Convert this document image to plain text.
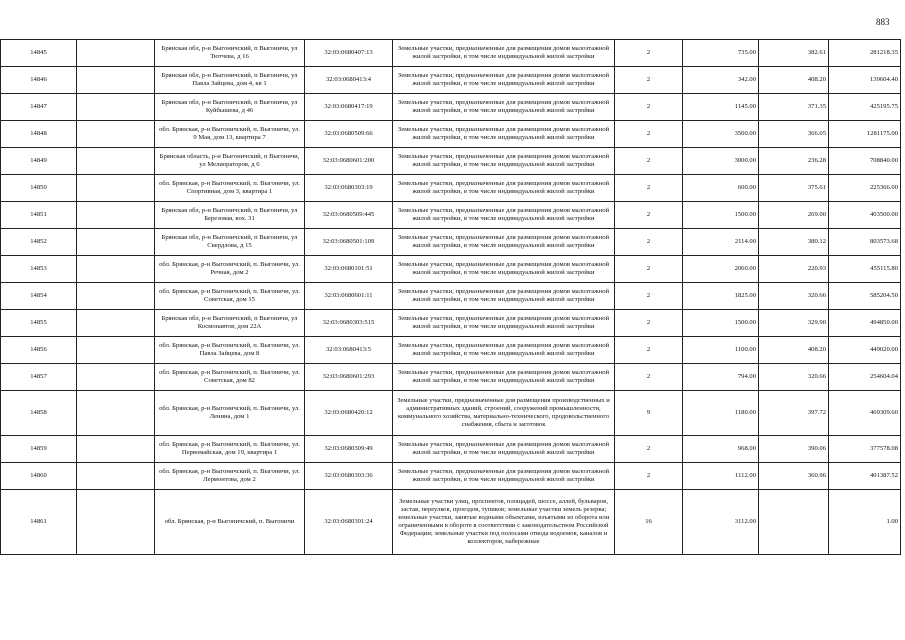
883
14845		Брянская обл, р-н Выгоничский, п Выгоничи, ул Тютчева, д 16	32:03:0680407:13	Земельные участки, предназначенные для размещения домов малоэтажной жилой застройки, в том числе индивидуальной жилой застройки	2	735.00	382.61	281218.35
14846		Брянская обл, р-н Выгоничский, п Выгоничи, ул Павла Зайцева, дом 4, кв 1	32:03:0680413:4	Земельные участки, предназначенные для размещения домов малоэтажной жилой застройки, в том числе индивидуальной жилой застройки	2	342.00	408.20	139604.40
14847		Брянская обл, р-н Выгоничский, п Выгоничи, ул Куйбышева, д 46	32:03:0680417:19	Земельные участки, предназначенные для размещения домов малоэтажной жилой застройки, в том числе индивидуальной жилой застройки	2	1145.00	371.35	425195.75
14848		обл. Брянская, р-н Выгоничский, п. Выгоничи, ул. 9 Мая, дом 13, квартира 7	32:03:0680509:66	Земельные участки, предназначенные для размещения домов малоэтажной жилой застройки, в том числе индивидуальной жилой застройки	2	3500.00	366.05	1281175.00
14849		Брянская область, р-н Выгоничский, п Выгоничи, ул Мелиораторов, д 6	32:03:0680601:200	Земельные участки, предназначенные для размещения домов малоэтажной жилой застройки, в том числе индивидуальной жилой застройки	2	3000.00	236.28	708840.00
14850		обл. Брянская, р-н Выгоничский, п. Выгоничи, ул. Спортивная, дом 3, квартира 1	32:03:0680303:19	Земельные участки, предназначенные для размещения домов малоэтажной жилой застройки, в том числе индивидуальной жилой застройки	2	600.00	375.61	225366.00
14851		Брянская обл, р-н Выгоничский, п Выгоничи, ул Березовая, вох. 31	32:03:0680509:445	Земельные участки, предназначенные для размещения домов малоэтажной жилой застройки, в том числе индивидуальной жилой застройки	2	1500.00	269.00	403500.00
14852		Брянская обл, р-н Выгоничский, п Выгоничи, ул Свердлова, д 15	32:03:0680501:109	Земельные участки, предназначенные для размещения домов малоэтажной жилой застройки, в том числе индивидуальной жилой застройки	2	2114.00	380.12	803573.68
14853		обл. Брянская, р-н Выгоничский, п. Выгоничи, ул. Речная, дом 2	32:03:0680101:51	Земельные участки, предназначенные для размещения домов малоэтажной жилой застройки, в том числе индивидуальной жилой застройки	2	2060.00	220.93	455115.80
14854		обл. Брянская, р-н Выгоничский, п. Выгоничи, ул. Советская, дом 15	32:03:0680601:11	Земельные участки, предназначенные для размещения домов малоэтажной жилой застройки, в том числе индивидуальной жилой застройки	2	1825.00	320.66	585204.50
14855		Брянская обл, р-н Выгоничский, п Выгоничи, ул Космонавтов, дом 22А	32:03:0680303:515	Земельные участки, предназначенные для размещения домов малоэтажной жилой застройки, в том числе индивидуальной жилой застройки	2	1500.00	329.90	494850.00
14856		обл. Брянская, р-н Выгоничский, п. Выгоничи, ул. Павла Зайцева, дом 8	32:03:0680413:5	Земельные участки, предназначенные для размещения домов малоэтажной жилой застройки, в том числе индивидуальной жилой застройки	2	1100.00	408.20	449020.00
14857		обл. Брянская, р-н Выгоничский, п. Выгоничи, ул. Советская, дом 82	32:03:0680601:293	Земельные участки, предназначенные для размещения домов малоэтажной жилой застройки, в том числе индивидуальной жилой застройки	2	794.00	320.66	254604.04
14858		обл. Брянская, р-н Выгоничский, п. Выгоничи, ул. Ленина, дом 1	32:03:0680420:12	Земельные участки, предназначенные для размещения производственных и административных зданий, строений, сооружений промышленности, коммунального хозяйства, материально-технического, продовольственного снабжения, сбыта и заготовок	9	1180.00	397.72	469309.60
14859		обл. Брянская, р-н Выгоничский, п. Выгоничи, ул. Первомайская, дом 19, квартира 1	32:03:0680309:49	Земельные участки, предназначенные для размещения домов малоэтажной жилой застройки, в том числе индивидуальной жилой застройки	2	968.00	390.06	377578.08
14860		обл. Брянская, р-н Выгоничский, п. Выгоничи, ул. Лермонтова, дом 2	32:03:0680303:36	Земельные участки, предназначенные для размещения домов малоэтажной жилой застройки, в том числе индивидуальной жилой застройки	2	1112.00	360.96	401387.52
14861		обл. Брянская, р-н Выгоничский, п. Выгоничи	32:03:0680301:24	Земельные участки улиц, проспектов, площадей, шоссе, аллей, бульваров, застав, переулков, проездов, тупиков; земельные участки земель резерва; земельные участки, занятые водными объектами, изъятыми из оборота или ограниченными в обороте в соответствии с законодательством Российской Федерации; земельные участки под полосами отвода водоемов, каналов и коллекторов, набережные	16	3112.00		1.00
